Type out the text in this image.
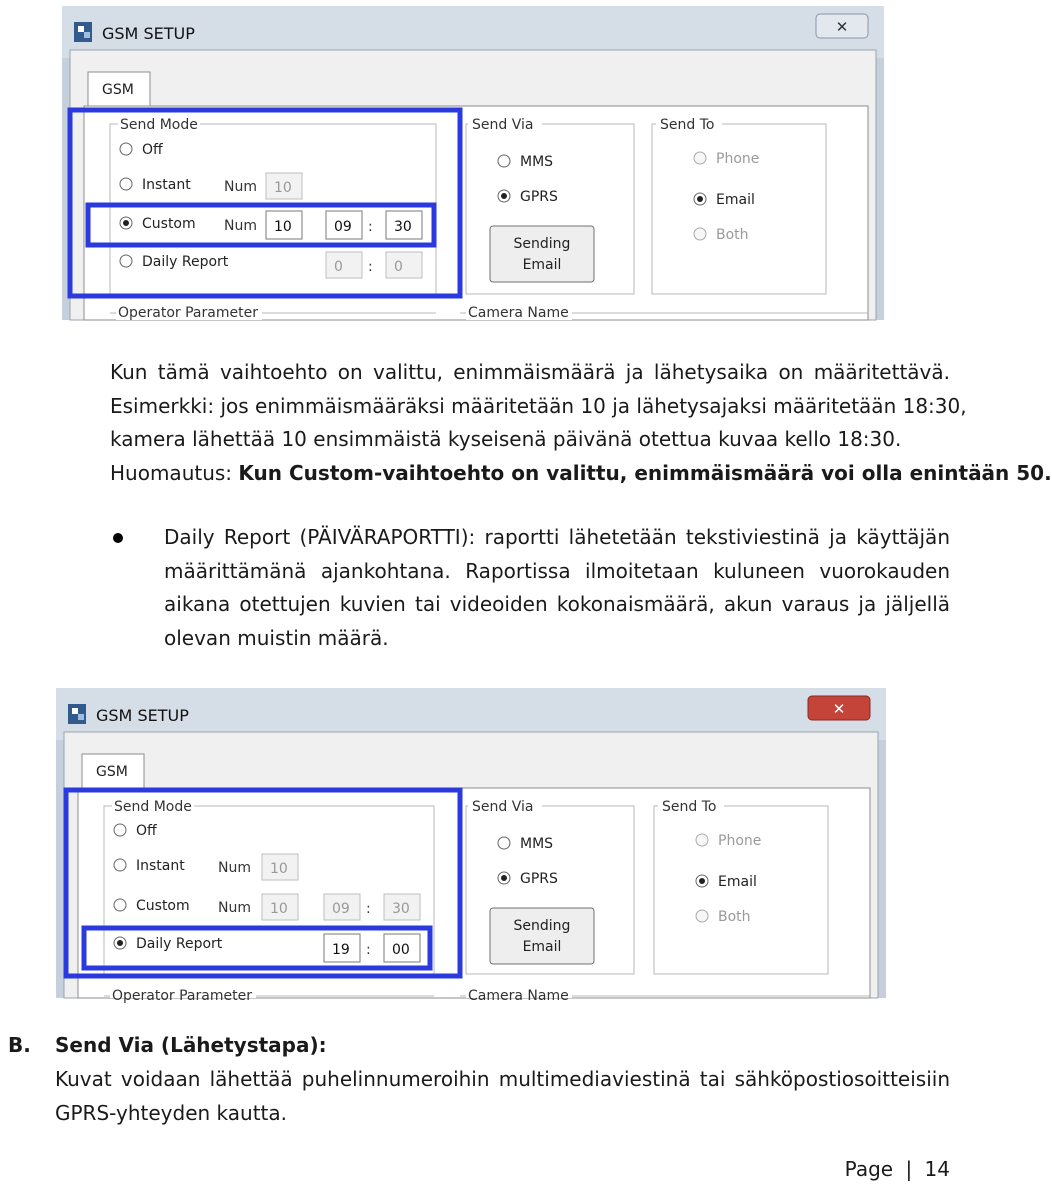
GSM SETUP	✕
GSM
Send Mode
Off
Instant Num 10
Custom Num 10	09 : 30
Daily Report	0 : 0
Send Via
MMS
GPRS
Sending
Email
Send To
Phone
Email
Both
Operator Parameter	Camera Name
Kun tämä vaihtoehto on valittu, enimmäismäärä ja lähetysaika on määritettävä.
Esimerkki: jos enimmäismääräksi määritetään 10 ja lähetysajaksi määritetään 18:30,
kamera lähettää 10 ensimmäistä kyseisenä päivänä otettua kuvaa kello 18:30.
Huomautus: Kun Custom-vaihtoehto on valittu, enimmäismäärä voi olla enintään 50.
Daily Report (PÄIVÄRAPORTTI): raportti lähetetään tekstiviestinä ja käyttäjän
määrittämänä ajankohtana. Raportissa ilmoitetaan kuluneen vuorokauden
aikana otettujen kuvien tai videoiden kokonaismäärä, akun varaus ja jäljellä
olevan muistin määrä.
GSM SETUP	✕
GSM
Send Mode
Off
Instant Num 10
Custom Num 10	09 : 30
Daily Report	19 : 00
Send Via
MMS
GPRS
Sending
Email
Send To
Phone
Email
Both
Operator Parameter	Camera Name
B. Send Via (Lähetystapa):
Kuvat voidaan lähettää puhelinnumeroihin multimediaviestinä tai sähköpostiosoitteisiin
GPRS-yhteyden kautta.
Page | 14
